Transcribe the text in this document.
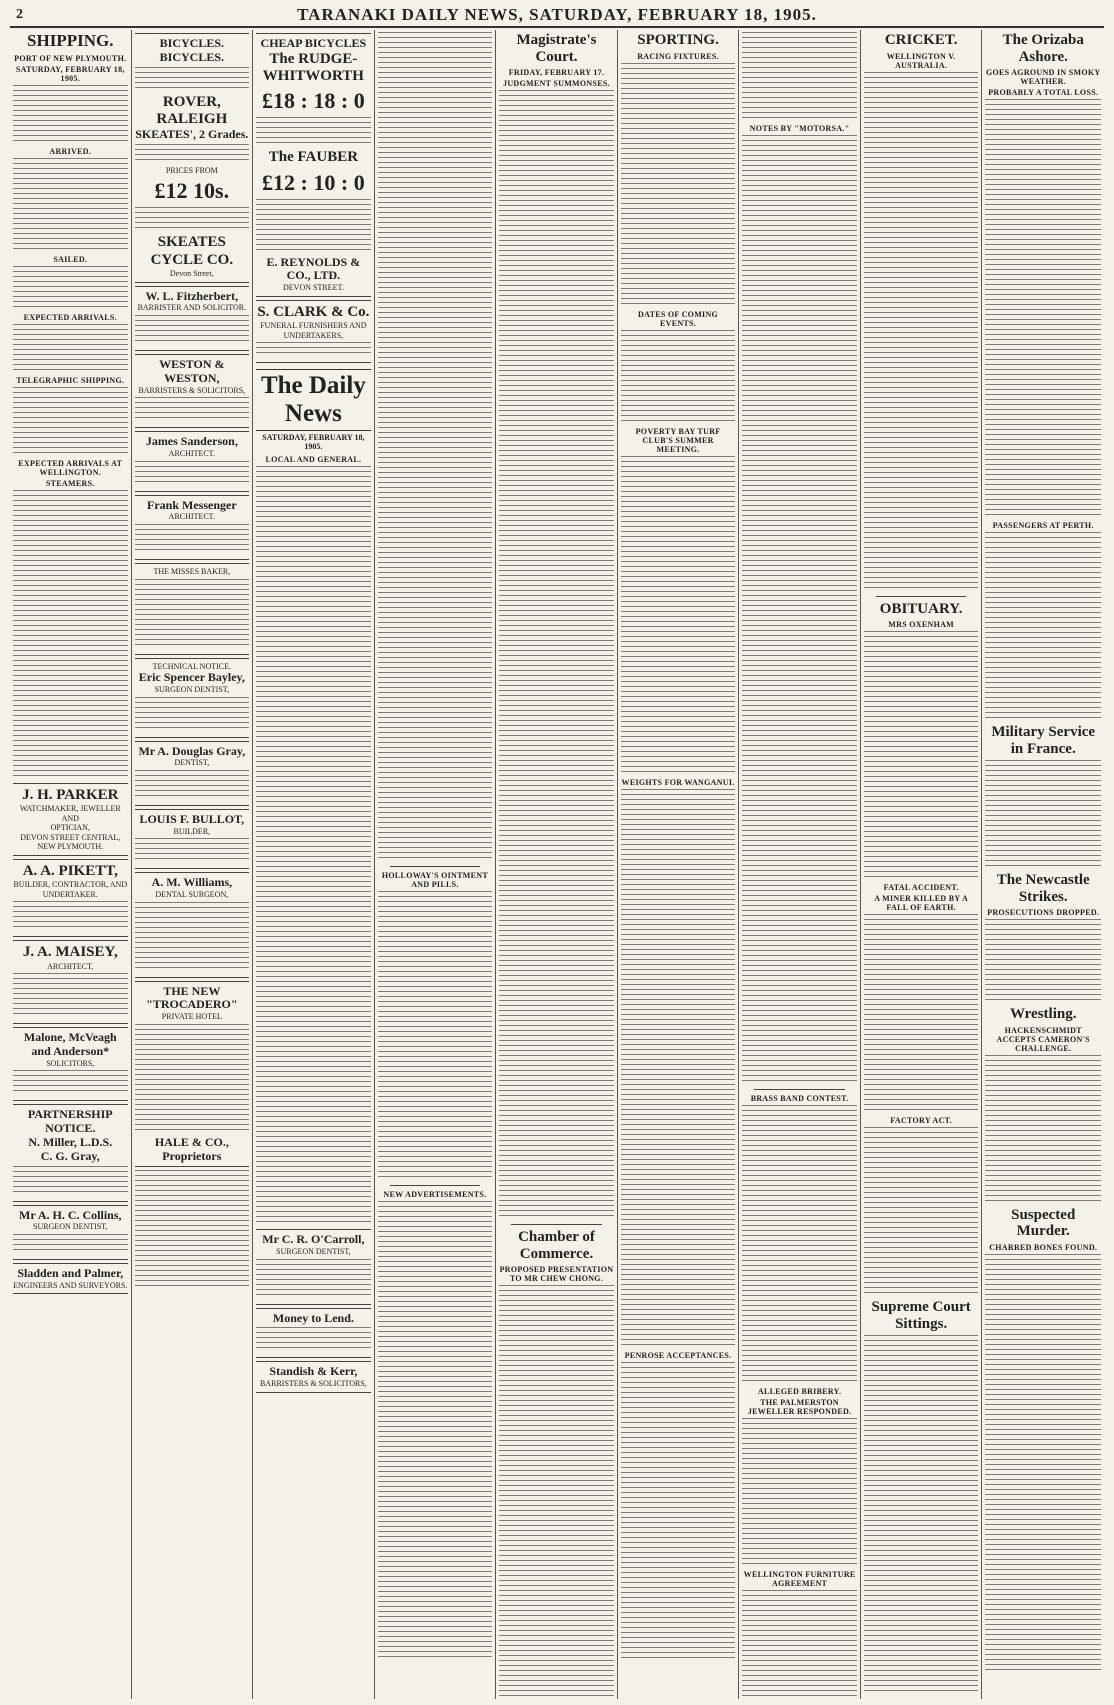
2	TARANAKI DAILY NEWS, SATURDAY, FEBRUARY 18, 1905.
SHIPPING.
PORT OF NEW PLYMOUTH.
SATURDAY, FEBRUARY 18, 1905.
ARRIVED.
SAILED.
EXPECTED ARRIVALS.
TELEGRAPHIC SHIPPING.
EXPECTED ARRIVALS AT WELLINGTON.
STEAMERS.
J. H. PARKER
WATCHMAKER, JEWELLER AND
OPTICIAN,
DEVON STREET CENTRAL,
NEW PLYMOUTH.
A. A. PIKETT,
BUILDER, CONTRACTOR, AND UNDERTAKER.
J. A. MAISEY,
ARCHITECT,
Malone, McVeagh and Anderson*
SOLICITORS,
PARTNERSHIP NOTICE.
N. Miller, L.D.S.
C. G. Gray,
Mr A. H. C. Collins,
SURGEON DENTIST,
Sladden and Palmer,
ENGINEERS AND SURVEYORS.
BICYCLES.
BICYCLES.
ROVER,
RALEIGH
SKEATES', 2 Grades.
PRICES FROM
£12 10s.
SKEATES CYCLE CO.
Devon Street,
W. L. Fitzherbert,
BARRISTER AND SOLICITOR.
WESTON & WESTON,
BARRISTERS & SOLICITORS,
James Sanderson,
ARCHITECT.
Frank Messenger
ARCHITECT.
THE MISSES BAKER,
TECHNICAL NOTICE.
Eric Spencer Bayley,
SURGEON DENTIST,
Mr A. Douglas Gray,
DENTIST,
LOUIS F. BULLOT,
BUILDER,
A. M. Williams,
DENTAL SURGEON,
THE NEW "TROCADERO"
PRIVATE HOTEL
HALE & CO., Proprietors
CHEAP BICYCLES
The RUDGE-WHITWORTH
£18 : 18 : 0
The FAUBER
£12 : 10 : 0
E. REYNOLDS & CO., LTD.
DEVON STREET.
S. CLARK & Co.
FUNERAL FURNISHERS AND UNDERTAKERS,
The Daily News
SATURDAY, FEBRUARY 18, 1905.
LOCAL AND GENERAL.
Mr C. R. O'Carroll,
SURGEON DENTIST,
Money to Lend.
Standish & Kerr,
BARRISTERS & SOLICITORS,
HOLLOWAY'S OINTMENT AND PILLS.
NEW ADVERTISEMENTS.
Magistrate's Court.
FRIDAY, FEBRUARY 17.
JUDGMENT SUMMONSES.
Chamber of Commerce.
PROPOSED PRESENTATION TO MR CHEW CHONG.
SPORTING.
RACING FIXTURES.
DATES OF COMING EVENTS.
POVERTY BAY TURF CLUB'S SUMMER MEETING.
WEIGHTS FOR WANGANUI.
PENROSE ACCEPTANCES.
NOTES BY "MOTORSA."
BRASS BAND CONTEST.
ALLEGED BRIBERY.
THE PALMERSTON JEWELLER RESPONDED.
WELLINGTON FURNITURE AGREEMENT
CRICKET.
WELLINGTON V. AUSTRALIA.
OBITUARY.
MRS OXENHAM
FATAL ACCIDENT.
A MINER KILLED BY A FALL OF EARTH.
FACTORY ACT.
Supreme Court Sittings.
The Orizaba Ashore.
GOES AGROUND IN SMOKY WEATHER.
PROBABLY A TOTAL LOSS.
PASSENGERS AT PERTH.
Military Service in France.
The Newcastle Strikes.
PROSECUTIONS DROPPED.
Wrestling.
HACKENSCHMIDT ACCEPTS CAMERON'S CHALLENGE.
Suspected Murder.
CHARRED BONES FOUND.
